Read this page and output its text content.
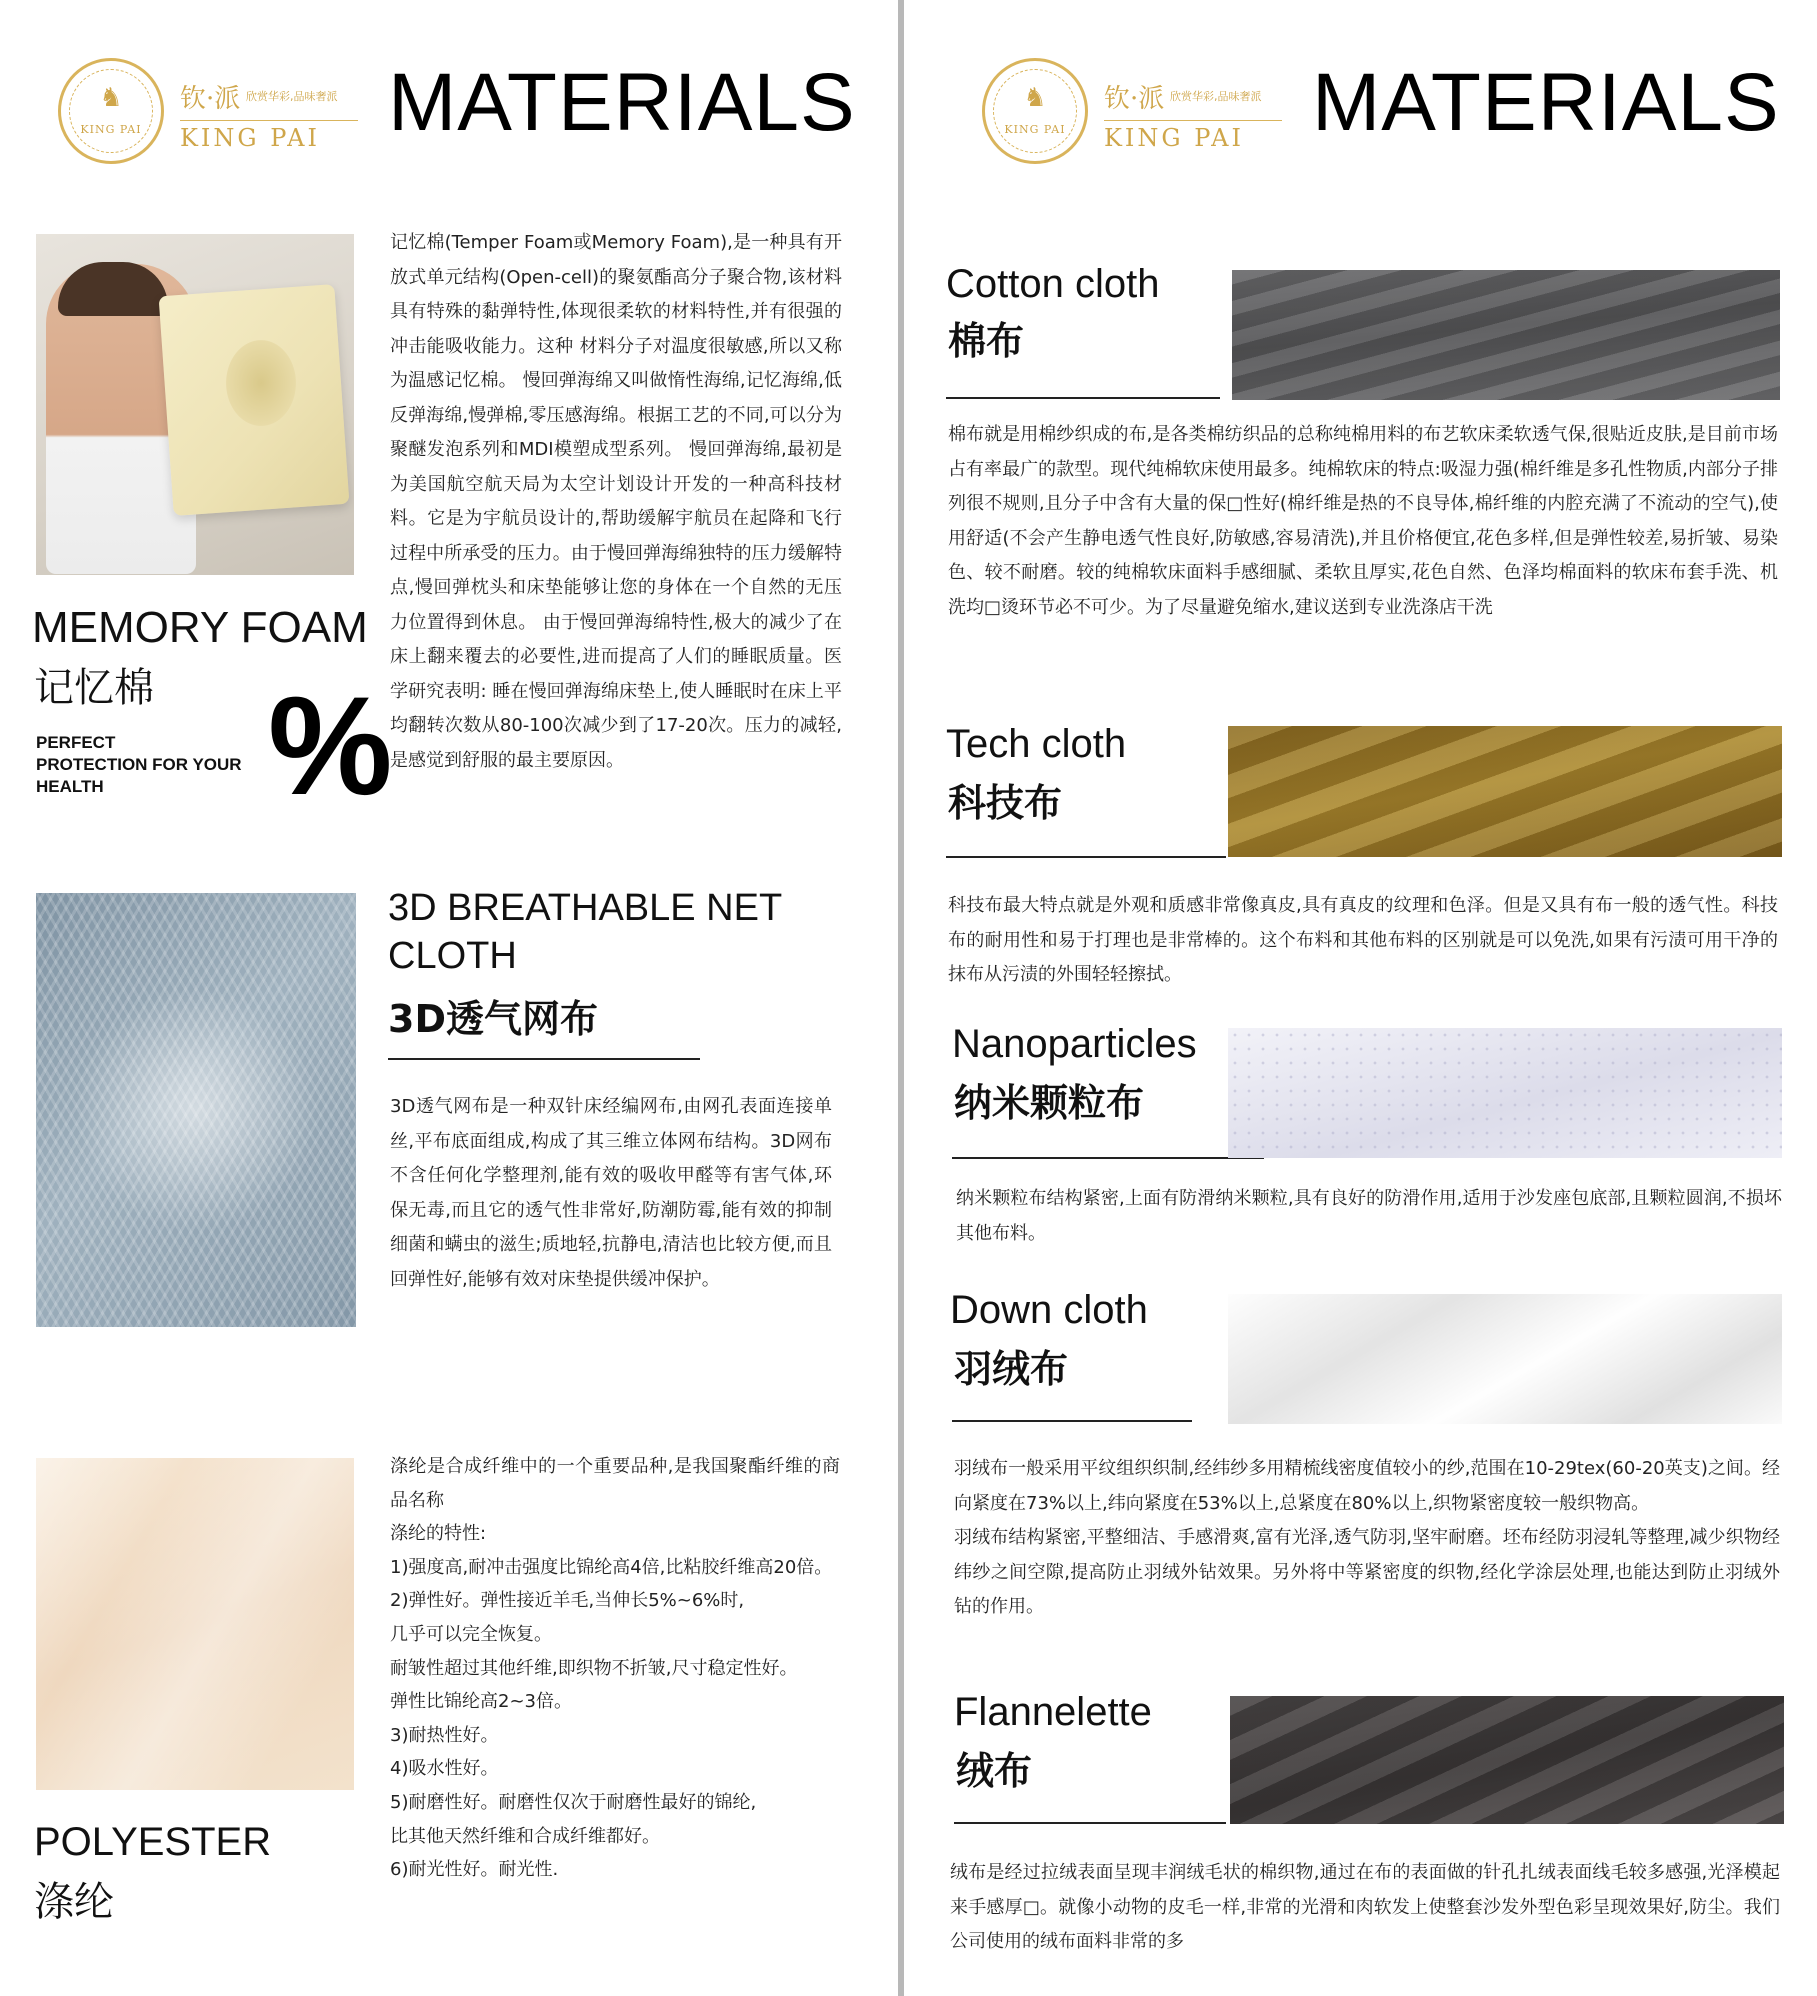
♞
KING PAI
钦·派 欣赏华彩,品味奢派
KING PAI MATERIALS
MEMORY FOAM
记忆棉
PERFECT
PROTECTION FOR YOUR
HEALTH	%
记忆棉(Temper Foam或Memory Foam),是一种具有开放式单元结构(Open-cell)的聚氨酯高分子聚合物,该材料具有特殊的黏弹特性,体现很柔软的材料特性,并有很强的冲击能吸收能力。这种 材料分子对温度很敏感,所以又称为温感记忆棉。 慢回弹海绵又叫做惰性海绵,记忆海绵,低反弹海绵,慢弹棉,零压感海绵。根据工艺的不同,可以分为聚醚发泡系列和MDI模塑成型系列。 慢回弹海绵,最初是为美国航空航天局为太空计划设计开发的一种高科技材料。它是为宇航员设计的,帮助缓解宇航员在起降和飞行过程中所承受的压力。由于慢回弹海绵独特的压力缓解特点,慢回弹枕头和床垫能够让您的身体在一个自然的无压力位置得到休息。 由于慢回弹海绵特性,极大的减少了在床上翻来覆去的必要性,进而提高了人们的睡眠质量。医学研究表明: 睡在慢回弹海绵床垫上,使人睡眠时在床上平均翻转次数从80-100次减少到了17-20次。压力的减轻,是感觉到舒服的最主要原因。
3D BREATHABLE NET
CLOTH
3D透气网布
3D透气网布是一种双针床经编网布,由网孔表面连接单丝,平布底面组成,构成了其三维立体网布结构。3D网布不含任何化学整理剂,能有效的吸收甲醛等有害气体,环保无毒,而且它的透气性非常好,防潮防霉,能有效的抑制细菌和螨虫的滋生;质地轻,抗静电,清洁也比较方便,而且回弹性好,能够有效对床垫提供缓冲保护。
POLYESTER
涤纶
涤纶是合成纤维中的一个重要品种,是我国聚酯纤维的商品名称
涤纶的特性:
1)强度高,耐冲击强度比锦纶高4倍,比粘胶纤维高20倍。
2)弹性好。弹性接近羊毛,当伸长5%~6%时,
几乎可以完全恢复。
耐皱性超过其他纤维,即织物不折皱,尺寸稳定性好。
弹性比锦纶高2~3倍。
3)耐热性好。
4)吸水性好。
5)耐磨性好。耐磨性仅次于耐磨性最好的锦纶,
比其他天然纤维和合成纤维都好。
6)耐光性好。耐光性.
♞
KING PAI
钦·派 欣赏华彩,品味奢派
KING PAI MATERIALS
Cotton cloth
棉布
棉布就是用棉纱织成的布,是各类棉纺织品的总称纯棉用料的布艺软床柔软透气保,很贴近皮肤,是目前市场占有率最广的款型。现代纯棉软床使用最多。纯棉软床的特点:吸湿力强(棉纤维是多孔性物质,内部分子排列很不规则,且分子中含有大量的保□性好(棉纤维是热的不良导体,棉纤维的内腔充满了不流动的空气),使用舒适(不会产生静电透气性良好,防敏感,容易清洗),并且价格便宜,花色多样,但是弹性较差,易折皱、易染色、较不耐磨。较的纯棉软床面料手感细腻、柔软且厚实,花色自然、色泽均棉面料的软床布套手洗、机洗均□烫环节必不可少。为了尽量避免缩水,建议送到专业洗涤店干洗
Tech cloth
科技布
科技布最大特点就是外观和质感非常像真皮,具有真皮的纹理和色泽。但是又具有布一般的透气性。科技布的耐用性和易于打理也是非常棒的。这个布料和其他布料的区别就是可以免洗,如果有污渍可用干净的抹布从污渍的外围轻轻擦拭。
Nanoparticles
纳米颗粒布
纳米颗粒布结构紧密,上面有防滑纳米颗粒,具有良好的防滑作用,适用于沙发座包底部,且颗粒圆润,不损坏其他布料。
Down cloth
羽绒布
羽绒布一般采用平纹组织织制,经纬纱多用精梳线密度值较小的纱,范围在10-29tex(60-20英支)之间。经向紧度在73%以上,纬向紧度在53%以上,总紧度在80%以上,织物紧密度较一般织物高。
羽绒布结构紧密,平整细洁、手感滑爽,富有光泽,透气防羽,坚牢耐磨。坯布经防羽浸轧等整理,减少织物经纬纱之间空隙,提高防止羽绒外钻效果。另外将中等紧密度的织物,经化学涂层处理,也能达到防止羽绒外钻的作用。
Flannelette
绒布
绒布是经过拉绒表面呈现丰润绒毛状的棉织物,通过在布的表面做的针孔扎绒表面线毛较多感强,光泽模起来手感厚□。就像小动物的皮毛一样,非常的光滑和肉软发上使整套沙发外型色彩呈现效果好,防尘。我们公司使用的绒布面料非常的多
